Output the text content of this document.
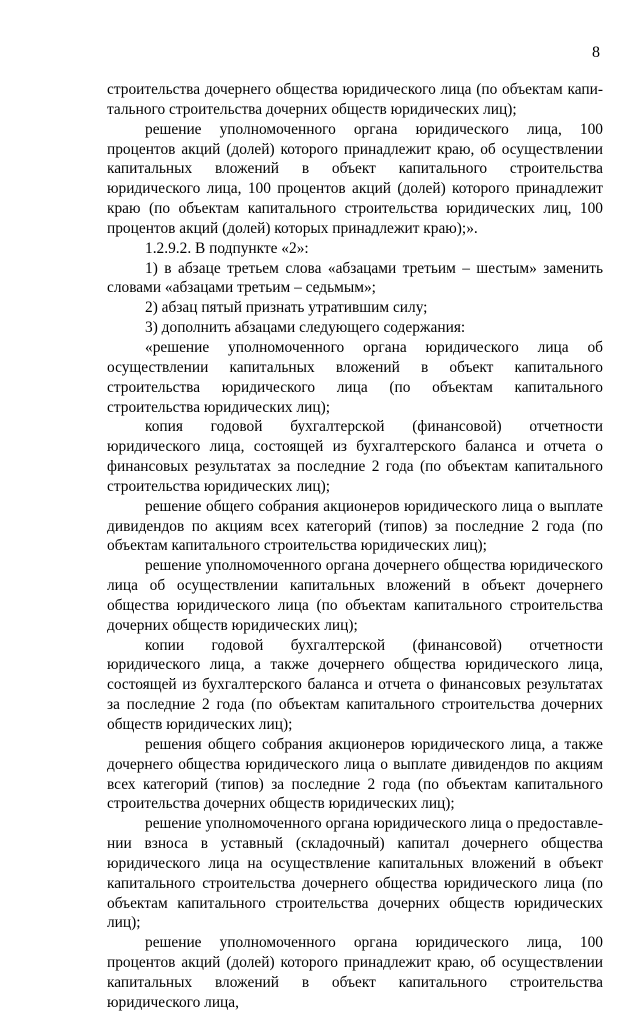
8

строительства дочернего общества юридического лица (по объектам капитального строительства дочерних обществ юридических лиц);

решение уполномоченного органа юридического лица, 100 процентов акций (долей) которого принадлежит краю, об осуществлении капитальных вложений в объект капитального строительства юридического лица, 100 процентов акций (долей) которого принадлежит краю (по объектам капитального строительства юридических лиц, 100 процентов акций (долей) которых принадлежит краю);».

1.2.9.2. В подпункте «2»:

1) в абзаце третьем слова «абзацами третьим – шестым» заменить словами «абзацами третьим – седьмым»;

2) абзац пятый признать утратившим силу;

3) дополнить абзацами следующего содержания:

«решение уполномоченного органа юридического лица об осуществлении капитальных вложений в объект капитального строительства юридического лица (по объектам капитального строительства юридических лиц);

копия годовой бухгалтерской (финансовой) отчетности юридического лица, состоящей из бухгалтерского баланса и отчета о финансовых результатах за последние 2 года (по объектам капитального строительства юридических лиц);

решение общего собрания акционеров юридического лица о выплате дивидендов по акциям всех категорий (типов) за последние 2 года (по объектам капитального строительства юридических лиц);

решение уполномоченного органа дочернего общества юридического лица об осуществлении капитальных вложений в объект дочернего общества юридического лица (по объектам капитального строительства дочерних обществ юридических лиц);

копии годовой бухгалтерской (финансовой) отчетности юридического лица, а также дочернего общества юридического лица, состоящей из бухгалтерского баланса и отчета о финансовых результатах за последние 2 года (по объектам капитального строительства дочерних обществ юридических лиц);

решения общего собрания акционеров юридического лица, а также дочернего общества юридического лица о выплате дивидендов по акциям всех категорий (типов) за последние 2 года (по объектам капитального строительства дочерних обществ юридических лиц);

решение уполномоченного органа юридического лица о предоставлении взноса в уставный (складочный) капитал дочернего общества юридического лица на осуществление капитальных вложений в объект капитального строительства дочернего общества юридического лица (по объектам капитального строительства дочерних обществ юридических лиц);

решение уполномоченного органа юридического лица, 100 процентов акций (долей) которого принадлежит краю, об осуществлении капитальных вложений в объект капитального строительства юридического лица,
